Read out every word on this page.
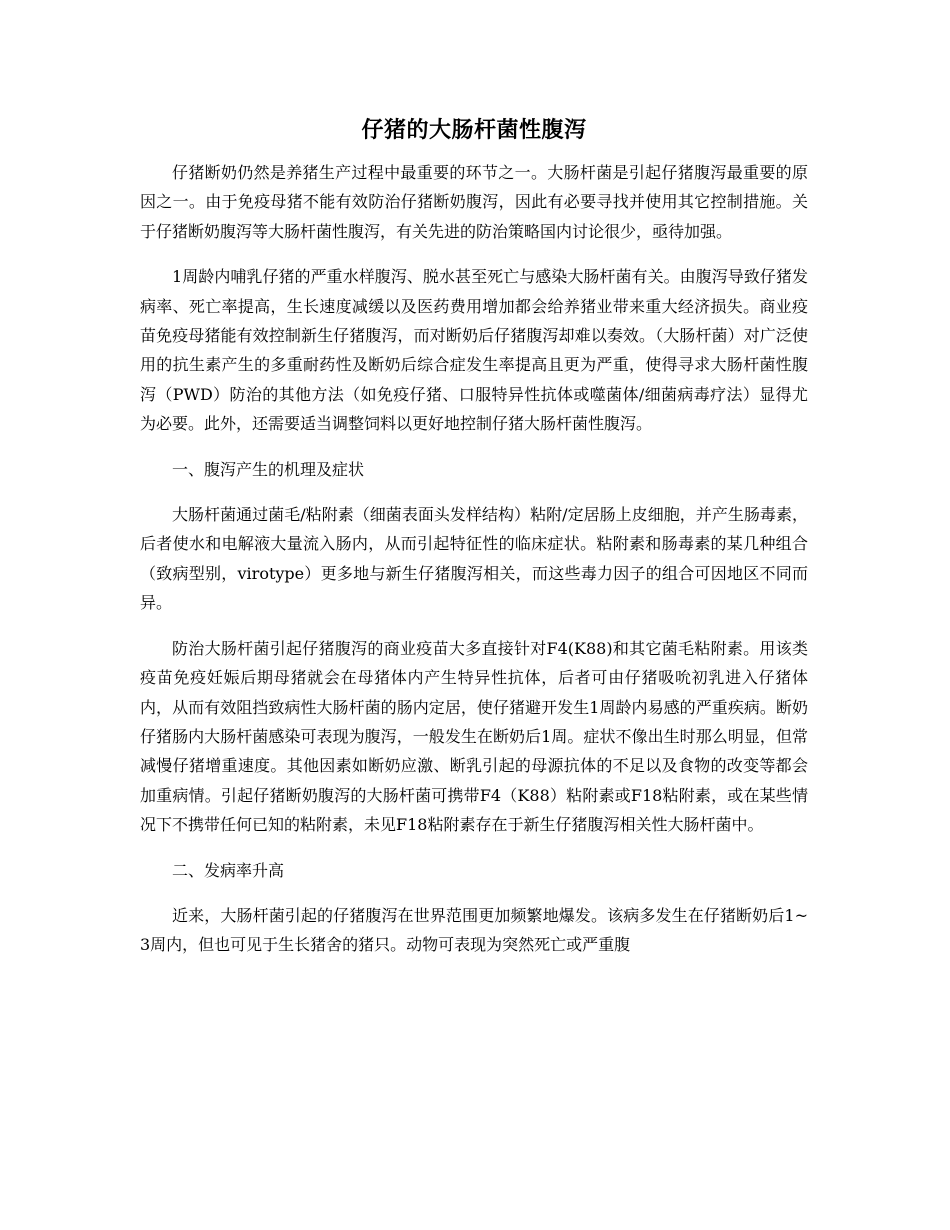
仔猪的大肠杆菌性腹泻

仔猪断奶仍然是养猪生产过程中最重要的环节之一。大肠杆菌是引起仔猪腹泻最重要的原因之一。由于免疫母猪不能有效防治仔猪断奶腹泻，因此有必要寻找并使用其它控制措施。关于仔猪断奶腹泻等大肠杆菌性腹泻，有关先进的防治策略国内讨论很少，亟待加强。

1周龄内哺乳仔猪的严重水样腹泻、脱水甚至死亡与感染大肠杆菌有关。由腹泻导致仔猪发病率、死亡率提高，生长速度减缓以及医药费用增加都会给养猪业带来重大经济损失。商业疫苗免疫母猪能有效控制新生仔猪腹泻，而对断奶后仔猪腹泻却难以奏效。（大肠杆菌）对广泛使用的抗生素产生的多重耐药性及断奶后综合症发生率提高且更为严重，使得寻求大肠杆菌性腹泻（PWD）防治的其他方法（如免疫仔猪、口服特异性抗体或噬菌体/细菌病毒疗法）显得尤为必要。此外，还需要适当调整饲料以更好地控制仔猪大肠杆菌性腹泻。

一、腹泻产生的机理及症状

大肠杆菌通过菌毛/粘附素（细菌表面头发样结构）粘附/定居肠上皮细胞，并产生肠毒素，后者使水和电解液大量流入肠内，从而引起特征性的临床症状。粘附素和肠毒素的某几种组合（致病型别，virotype）更多地与新生仔猪腹泻相关，而这些毒力因子的组合可因地区不同而异。

防治大肠杆菌引起仔猪腹泻的商业疫苗大多直接针对F4(K88)和其它菌毛粘附素。用该类疫苗免疫妊娠后期母猪就会在母猪体内产生特异性抗体，后者可由仔猪吸吮初乳进入仔猪体内，从而有效阻挡致病性大肠杆菌的肠内定居，使仔猪避开发生1周龄内易感的严重疾病。断奶仔猪肠内大肠杆菌感染可表现为腹泻，一般发生在断奶后1周。症状不像出生时那么明显，但常减慢仔猪增重速度。其他因素如断奶应激、断乳引起的母源抗体的不足以及食物的改变等都会加重病情。引起仔猪断奶腹泻的大肠杆菌可携带F4（K88）粘附素或F18粘附素，或在某些情况下不携带任何已知的粘附素，未见F18粘附素存在于新生仔猪腹泻相关性大肠杆菌中。

二、发病率升高

近来，大肠杆菌引起的仔猪腹泻在世界范围更加频繁地爆发。该病多发生在仔猪断奶后1~3周内，但也可见于生长猪舍的猪只。动物可表现为突然死亡或严重腹
